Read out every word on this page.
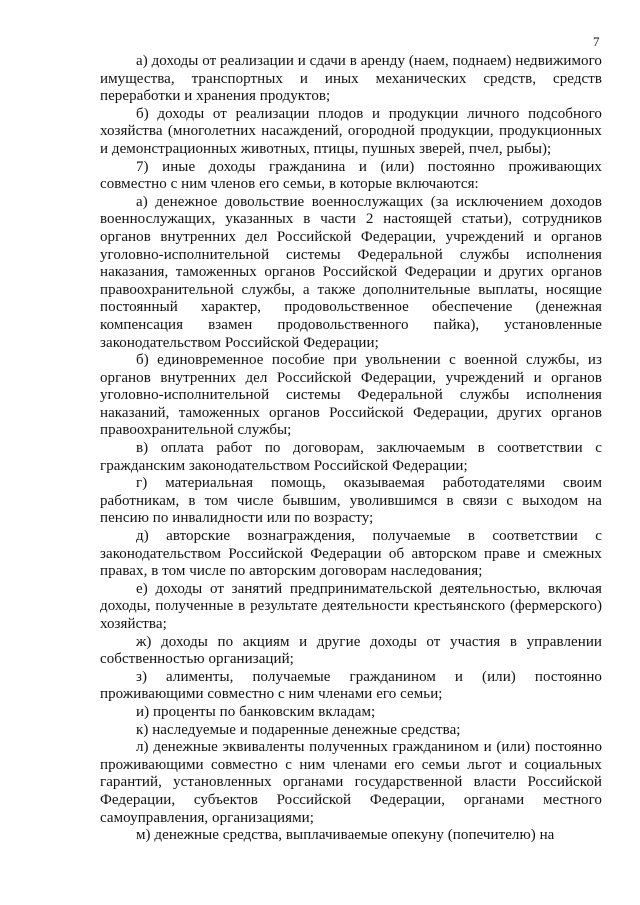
7

а) доходы от реализации и сдачи в аренду (наем, поднаем) недвижимого имущества, транспортных и иных механических средств, средств переработки и хранения продуктов;

б) доходы от реализации плодов и продукции личного подсобного хозяйства (многолетних насаждений, огородной продукции, продукционных и демонстрационных животных, птицы, пушных зверей, пчел, рыбы);

7) иные доходы гражданина и (или) постоянно проживающих совместно с ним членов его семьи, в которые включаются:

а) денежное довольствие военнослужащих (за исключением доходов военнослужащих, указанных в части 2 настоящей статьи), сотрудников органов внутренних дел Российской Федерации, учреждений и органов уголовно-исполнительной системы Федеральной службы исполнения наказания, таможенных органов Российской Федерации и других органов правоохранительной службы, а также дополнительные выплаты, носящие постоянный характер, продовольственное обеспечение (денежная компенсация взамен продовольственного пайка), установленные законодательством Российской Федерации;

б) единовременное пособие при увольнении с военной службы, из органов внутренних дел Российской Федерации, учреждений и органов уголовно-исполнительной системы Федеральной службы исполнения наказаний, таможенных органов Российской Федерации, других органов правоохранительной службы;

в) оплата работ по договорам, заключаемым в соответствии с гражданским законодательством Российской Федерации;

г) материальная помощь, оказываемая работодателями своим работникам, в том числе бывшим, уволившимся в связи с выходом на пенсию по инвалидности или по возрасту;

д) авторские вознаграждения, получаемые в соответствии с законодательством Российской Федерации об авторском праве и смежных правах, в том числе по авторским договорам наследования;

е) доходы от занятий предпринимательской деятельностью, включая доходы, полученные в результате деятельности крестьянского (фермерского) хозяйства;

ж) доходы по акциям и другие доходы от участия в управлении собственностью организаций;

з) алименты, получаемые гражданином и (или) постоянно проживающими совместно с ним членами его семьи;

и) проценты по банковским вкладам;

к) наследуемые и подаренные денежные средства;

л) денежные эквиваленты полученных гражданином и (или) постоянно проживающими совместно с ним членами его семьи льгот и социальных гарантий, установленных органами государственной власти Российской Федерации, субъектов Российской Федерации, органами местного самоуправления, организациями;

м) денежные средства, выплачиваемые опекуну (попечителю) на
